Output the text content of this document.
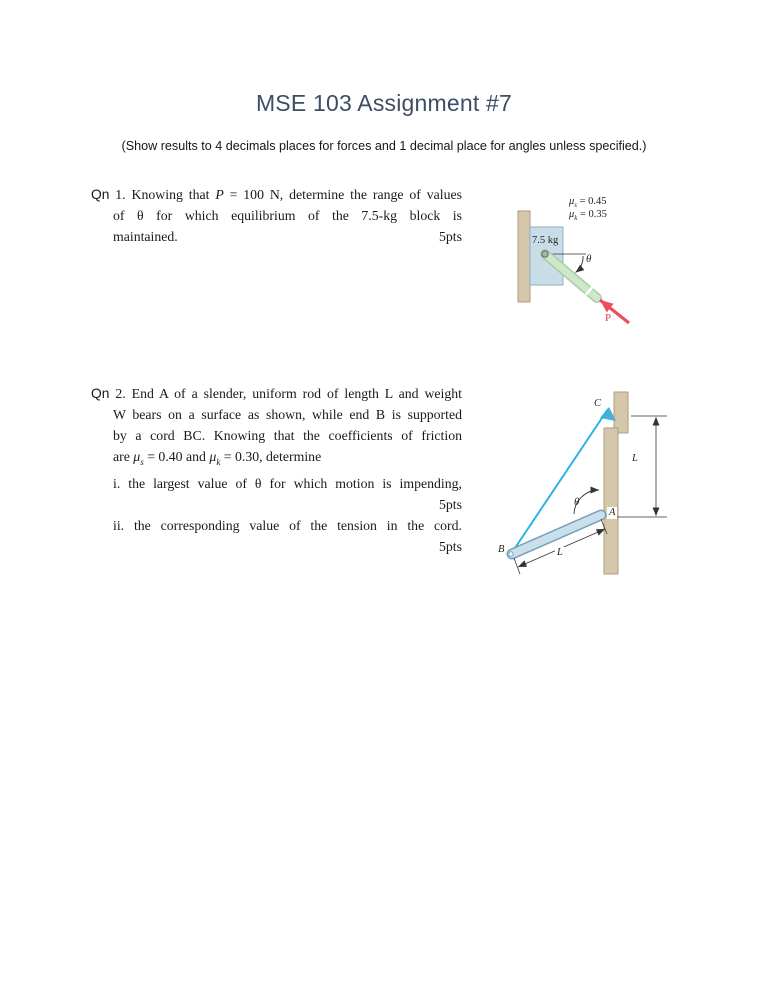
MSE 103 Assignment #7
(Show results to 4 decimals places for forces and 1 decimal place for angles unless specified.)
Qn 1. Knowing that P = 100 N, determine the range of values
of θ for which equilibrium of the 7.5-kg block is
maintained.	5pts
$\mu_s = 0.45$
$\mu_k = 0.35$
7.5 kg
θ
P
Qn 2. End A of a slender, uniform rod of length L and weight
W bears on a surface as shown, while end B is supported
by a cord BC. Knowing that the coefficients of friction
are $\mu_s = 0.40$ and $\mu_k = 0.30$, determine
i. the largest value of θ for which motion is impending,
5pts
ii. the corresponding value of the tension in the cord.
5pts
C
A
B
θ
L
L
